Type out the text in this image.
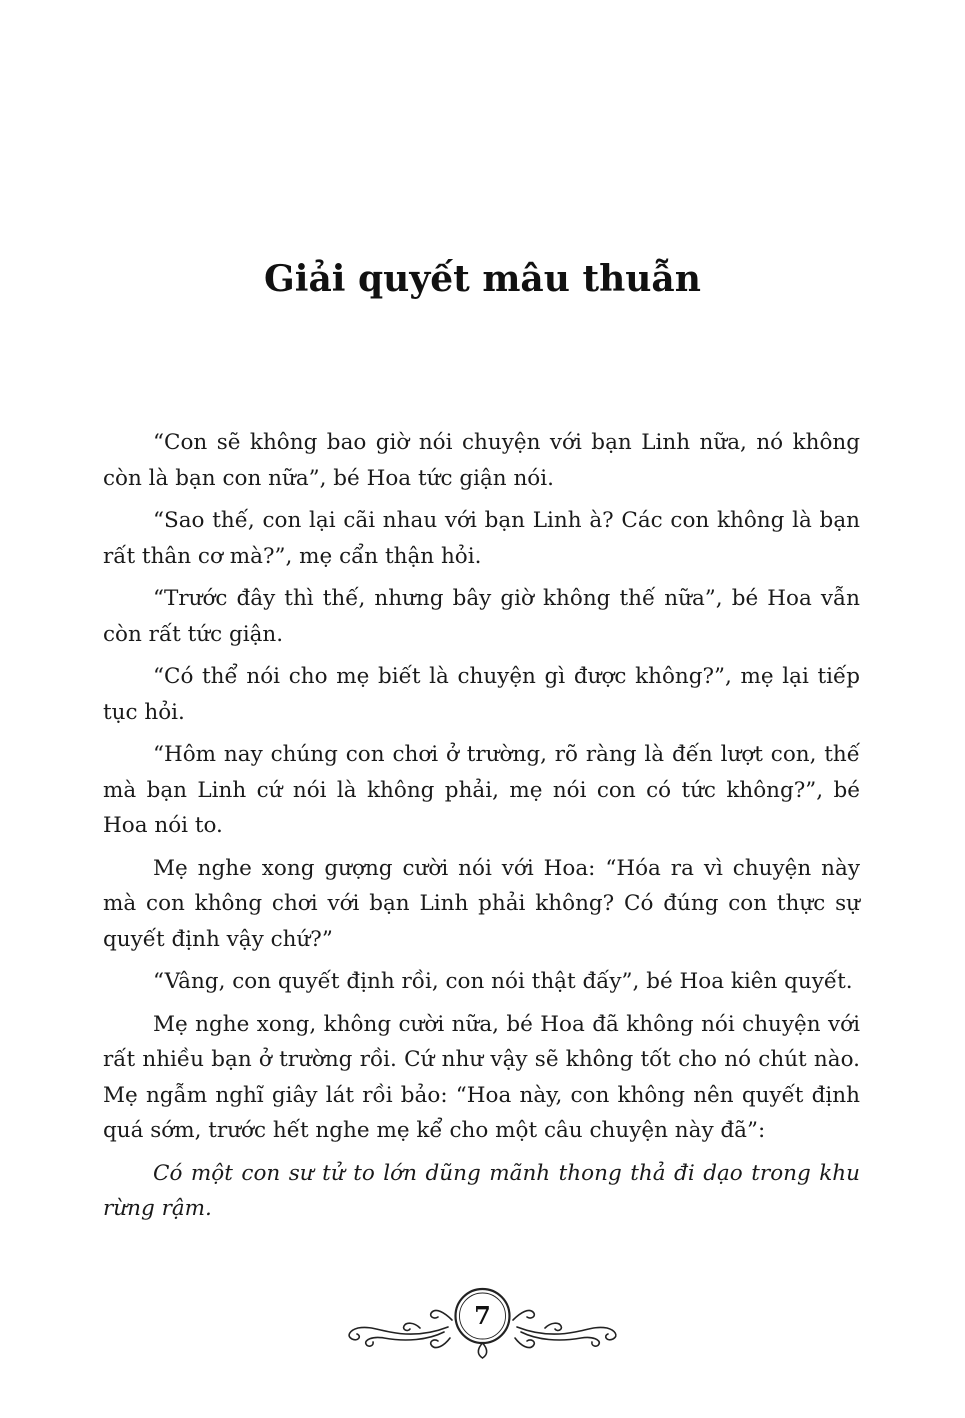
Giải quyết mâu thuẫn

“Con sẽ không bao giờ nói chuyện với bạn Linh nữa, nó không còn là bạn con nữa”, bé Hoa tức giận nói.

“Sao thế, con lại cãi nhau với bạn Linh à? Các con không là bạn rất thân cơ mà?”, mẹ cẩn thận hỏi.

“Trước đây thì thế, nhưng bây giờ không thế nữa”, bé Hoa vẫn còn rất tức giận.

“Có thể nói cho mẹ biết là chuyện gì được không?”, mẹ lại tiếp tục hỏi.

“Hôm nay chúng con chơi ở trường, rõ ràng là đến lượt con, thế mà bạn Linh cứ nói là không phải, mẹ nói con có tức không?”, bé Hoa nói to.

Mẹ nghe xong gượng cười nói với Hoa: “Hóa ra vì chuyện này mà con không chơi với bạn Linh phải không? Có đúng con thực sự quyết định vậy chứ?”

“Vâng, con quyết định rồi, con nói thật đấy”, bé Hoa kiên quyết.

Mẹ nghe xong, không cười nữa, bé Hoa đã không nói chuyện với rất nhiều bạn ở trường rồi. Cứ như vậy sẽ không tốt cho nó chút nào. Mẹ ngẫm nghĩ giây lát rồi bảo: “Hoa này, con không nên quyết định quá sớm, trước hết nghe mẹ kể cho một câu chuyện này đã”:

Có một con sư tử to lớn dũng mãnh thong thả đi dạo trong khu rừng rậm.

7
